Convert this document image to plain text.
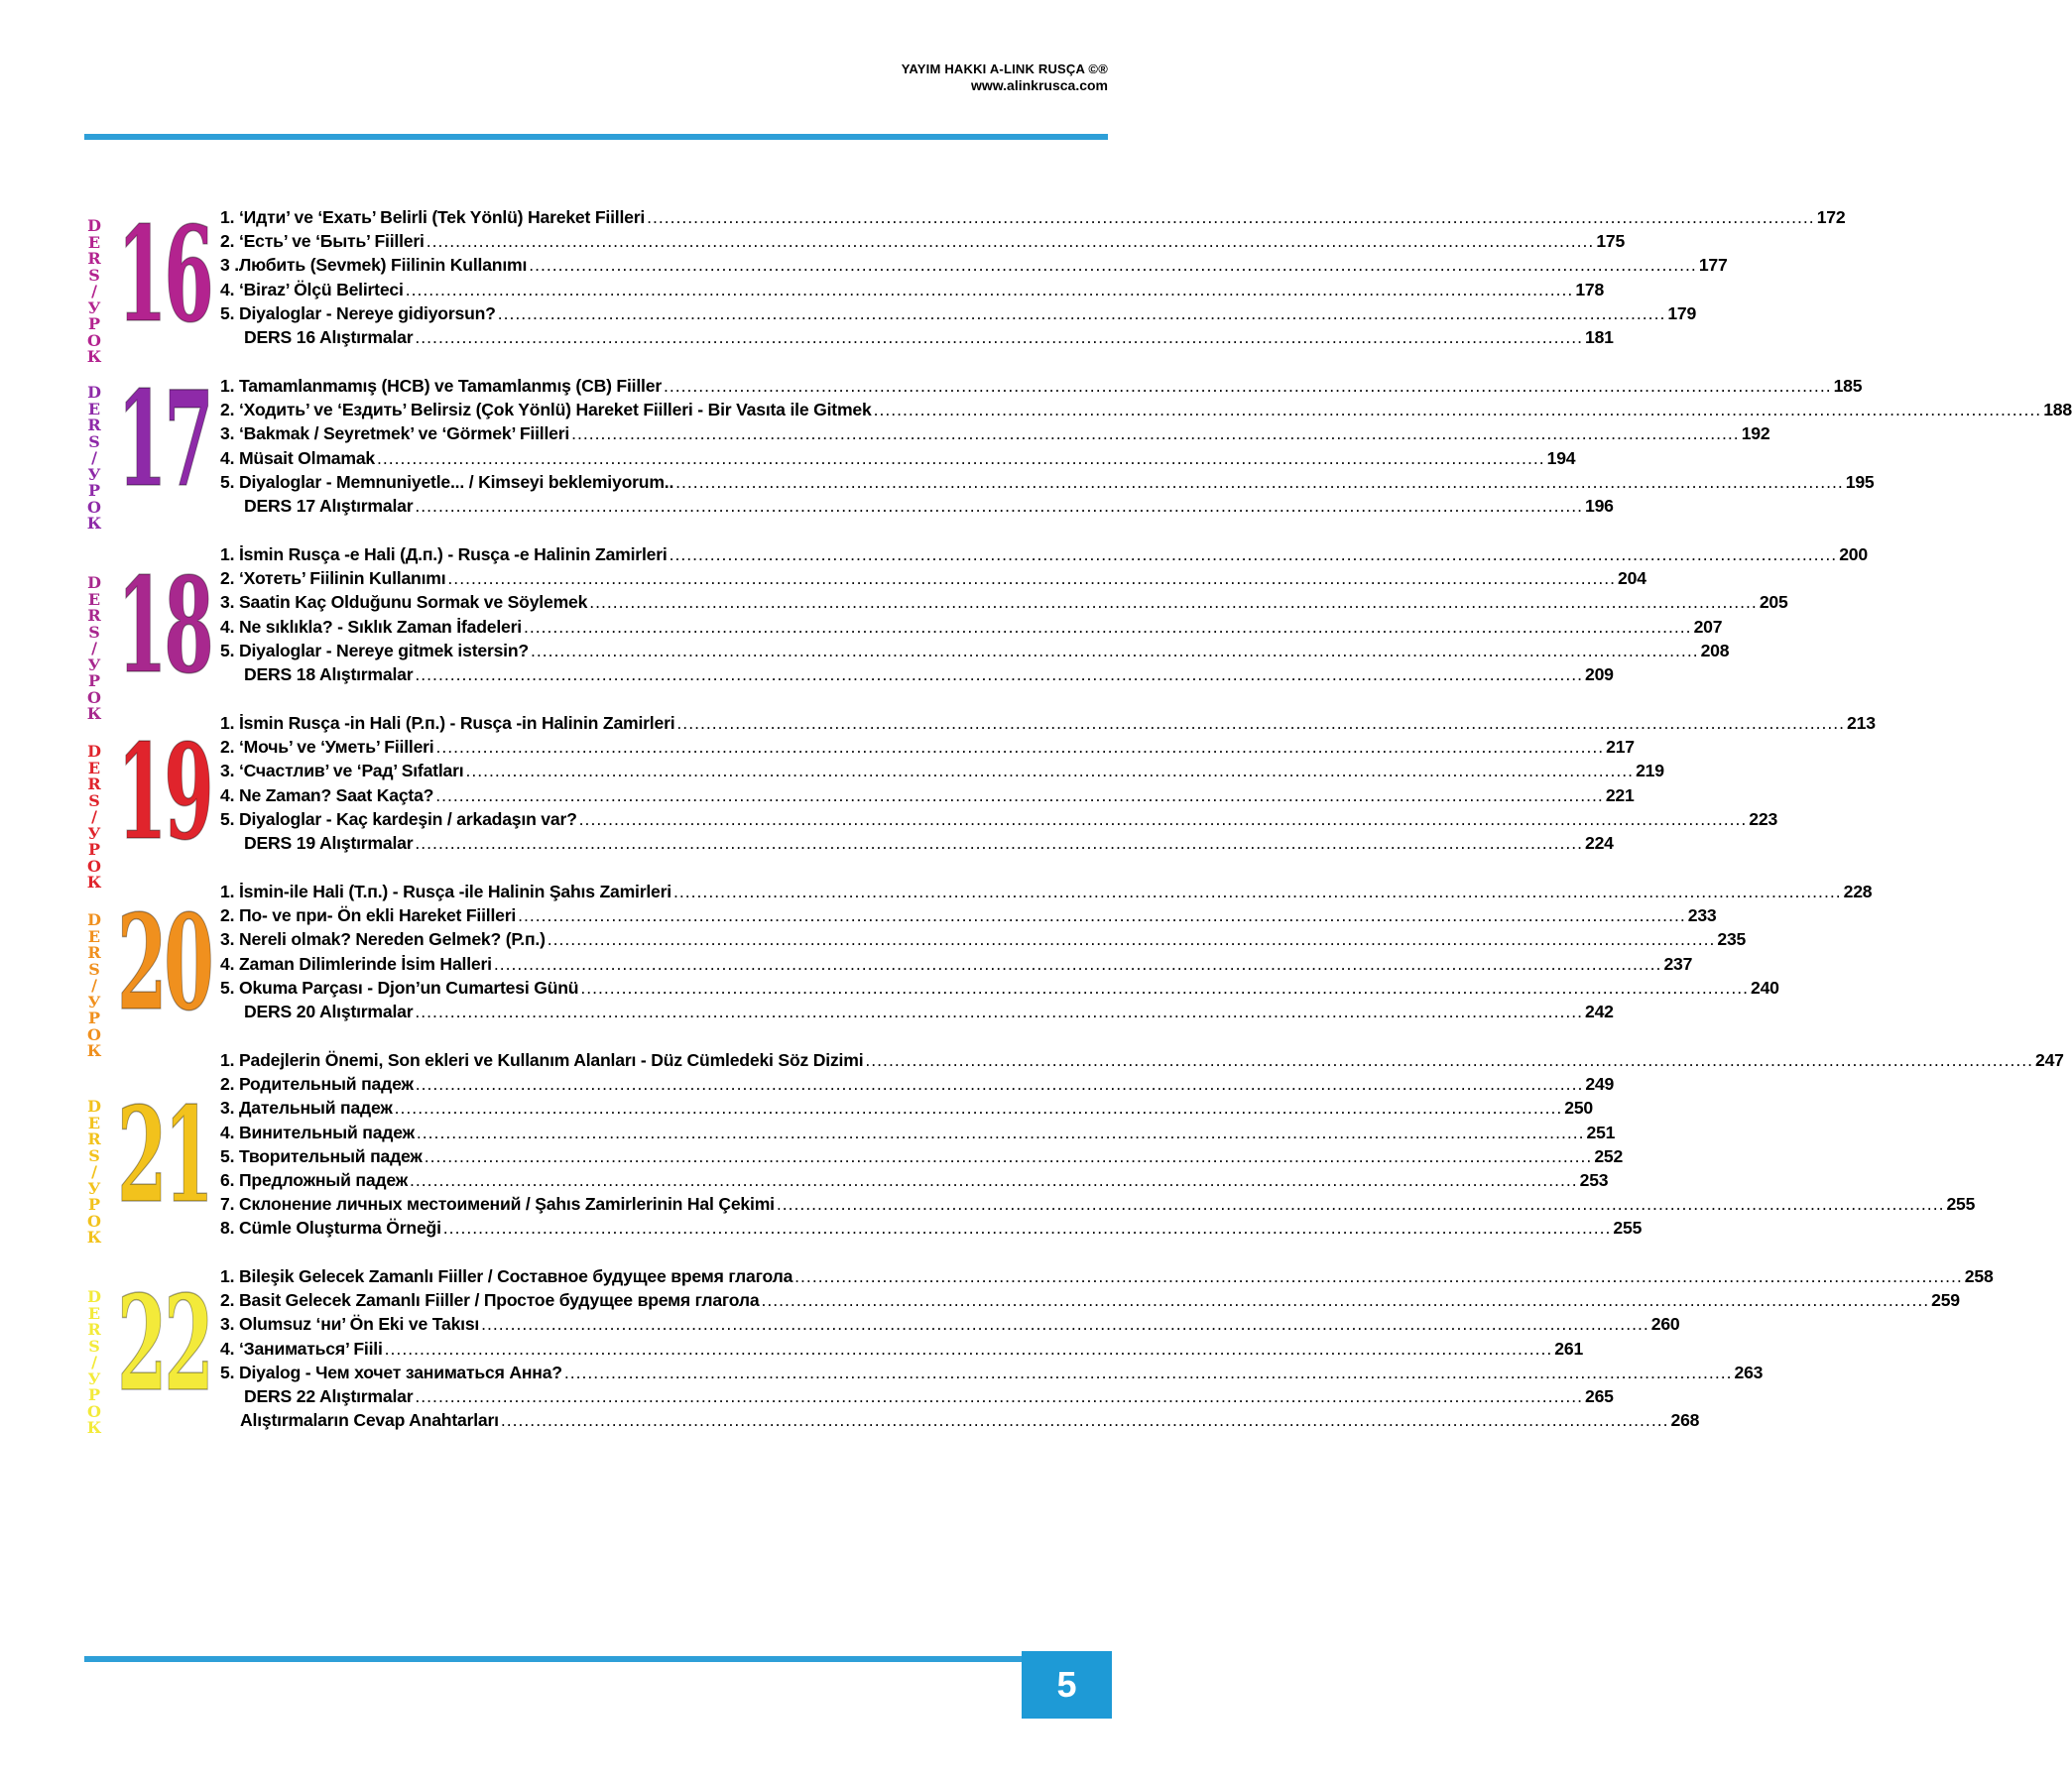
YAYIM HAKKI A-LINK RUSÇA ©®
www.alinkrusca.com
D
E
R
S
/
У
Р
О
К
16 1. ‘Идти’ ve ‘Ехать’ Belirli (Tek Yönlü) Hareket Fiilleri ........................................................................................................................................................................................................ 172
2. ‘Есть’ ve ‘Быть’ Fiilleri ........................................................................................................................................................................................................ 175
3 .Любить (Sevmek) Fiilinin Kullanımı ........................................................................................................................................................................................................ 177
4. ‘Biraz’ Ölçü Belirteci ........................................................................................................................................................................................................ 178
5. Diyaloglar - Nereye gidiyorsun? ........................................................................................................................................................................................................ 179
DERS 16 Alıştırmalar ........................................................................................................................................................................................................ 181
D
E
R
S
/
У
Р
О
К
17 1. Tamamlanmamış (НСВ) ve Tamamlanmış (СВ) Fiiller ........................................................................................................................................................................................................ 185
2. ‘Ходить’ ve ‘Ездить’ Belirsiz (Çok Yönlü) Hareket Fiilleri - Bir Vasıta ile Gitmek ........................................................................................................................................................................................................ 188
3. ‘Bakmak / Seyretmek’ ve ‘Görmek’ Fiilleri ........................................................................................................................................................................................................ 192
4. Müsait Olmamak ........................................................................................................................................................................................................ 194
5. Diyaloglar - Memnuniyetle... / Kimseyi beklemiyorum.. ........................................................................................................................................................................................................ 195
DERS 17 Alıştırmalar ........................................................................................................................................................................................................ 196
D
E
R
S
/
У
Р
О
К
18 1. İsmin Rusça -e Hali (Д.п.) - Rusça -e Halinin Zamirleri ........................................................................................................................................................................................................ 200
2. ‘Хотеть’ Fiilinin Kullanımı ........................................................................................................................................................................................................ 204
3. Saatin Kaç Olduğunu Sormak ve Söylemek ........................................................................................................................................................................................................ 205
4. Ne sıklıkla? - Sıklık Zaman İfadeleri ........................................................................................................................................................................................................ 207
5. Diyaloglar - Nereye gitmek istersin? ........................................................................................................................................................................................................ 208
DERS 18 Alıştırmalar ........................................................................................................................................................................................................ 209
D
E
R
S
/
У
Р
О
К
19 1. İsmin Rusça -in Hali (Р.п.) - Rusça -in Halinin Zamirleri ........................................................................................................................................................................................................ 213
2. ‘Мочь’ ve ‘Уметь’ Fiilleri ........................................................................................................................................................................................................ 217
3. ‘Счастлив’ ve ‘Рад’ Sıfatları ........................................................................................................................................................................................................ 219
4. Ne Zaman? Saat Kaçta? ........................................................................................................................................................................................................ 221
5. Diyaloglar - Kaç kardeşin / arkadaşın var? ........................................................................................................................................................................................................ 223
DERS 19 Alıştırmalar ........................................................................................................................................................................................................ 224
D
E
R
S
/
У
Р
О
К
20 1. İsmin-ile Hali (Т.п.) - Rusça -ile Halinin Şahıs Zamirleri ........................................................................................................................................................................................................ 228
2. По- ve при- Ön ekli Hareket Fiilleri ........................................................................................................................................................................................................ 233
3. Nereli olmak? Nereden Gelmek? (Р.п.) ........................................................................................................................................................................................................ 235
4. Zaman Dilimlerinde İsim Halleri ........................................................................................................................................................................................................ 237
5. Okuma Parçası - Djon’un Cumartesi Günü ........................................................................................................................................................................................................ 240
DERS 20 Alıştırmalar ........................................................................................................................................................................................................ 242
D
E
R
S
/
У
Р
О
К
21
1. Padejlerin Önemi, Son ekleri ve Kullanım Alanları - Düz Cümledeki Söz Dizimi ........................................................................................................................................................................................................ 247
2. Родительный падеж ........................................................................................................................................................................................................ 249
3. Дательный падеж ........................................................................................................................................................................................................ 250
4. Винительный падеж ........................................................................................................................................................................................................ 251
5. Творительный падеж ........................................................................................................................................................................................................ 252
6. Предложный падеж ........................................................................................................................................................................................................ 253
7. Склонение личных местоимений / Şahıs Zamirlerinin Hal Çekimi ........................................................................................................................................................................................................ 255
8. Cümle Oluşturma Örneği ........................................................................................................................................................................................................ 255
D
E
R
S
/
У
Р
О
К
22 1. Bileşik Gelecek Zamanlı Fiiller / Составное будущее время глагола ........................................................................................................................................................................................................ 258
2. Basit Gelecek Zamanlı Fiiller / Простое будущее время глагола ........................................................................................................................................................................................................ 259
3. Olumsuz ‘ни’ Ön Eki ve Takısı ........................................................................................................................................................................................................ 260
4. ‘Заниматься’ Fiili ........................................................................................................................................................................................................ 261
5. Diyalog - Чем хочет заниматься Анна? ........................................................................................................................................................................................................ 263
DERS 22 Alıştırmalar ........................................................................................................................................................................................................ 265
Alıştırmaların Cevap Anahtarları ........................................................................................................................................................................................................ 268
5
